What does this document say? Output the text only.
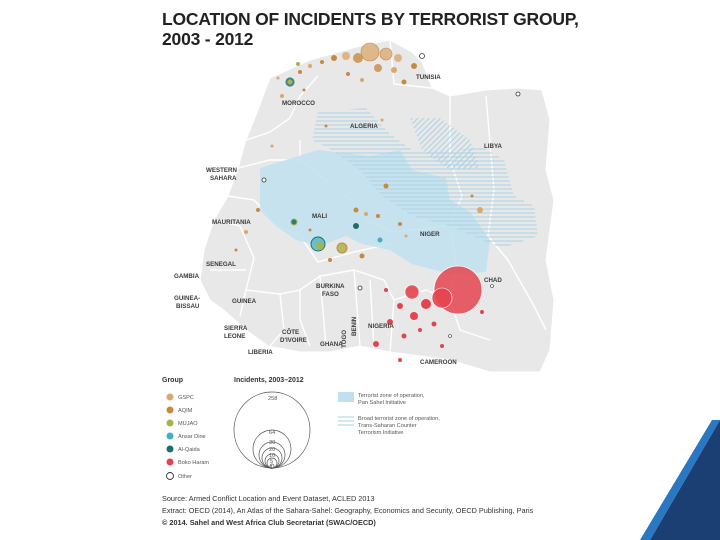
LOCATION OF INCIDENTS BY TERRORIST GROUP,
2003 - 2012
TUNISIA
MOROCCO
ALGERIA
LIBYA
WESTERN
SAHARA
MALI
MAURITANIA
NIGER
SENEGAL
GAMBIA
CHAD
GUINEA-
BISSAU
GUINEA
BURKINA
FASO
TOGO
BENIN NIGERIA
SIERRA
LEONE
CÔTE
D'IVOIRE
GHANA
LIBERIA
CAMEROON
Group	Incidents, 2003–2012
GSPC
AQIM
MUJAO
Ansar Dine
Al-Qaida
Boko Haram
Other
258
64
30
20
10
5
1
Terrorist zone of operation,
Pan Sahel Initiative
Broad terrorist zone of operation,
Trans-Saharan Counter
Terrorism Initiative
Source: Armed Conflict Location and Event Dataset, ACLED 2013
Extract: OECD (2014), An Atlas of the Sahara-Sahel: Geography, Economics and Security, OECD Publishing, Paris
© 2014. Sahel and West Africa Club Secretariat (SWAC/OECD)
